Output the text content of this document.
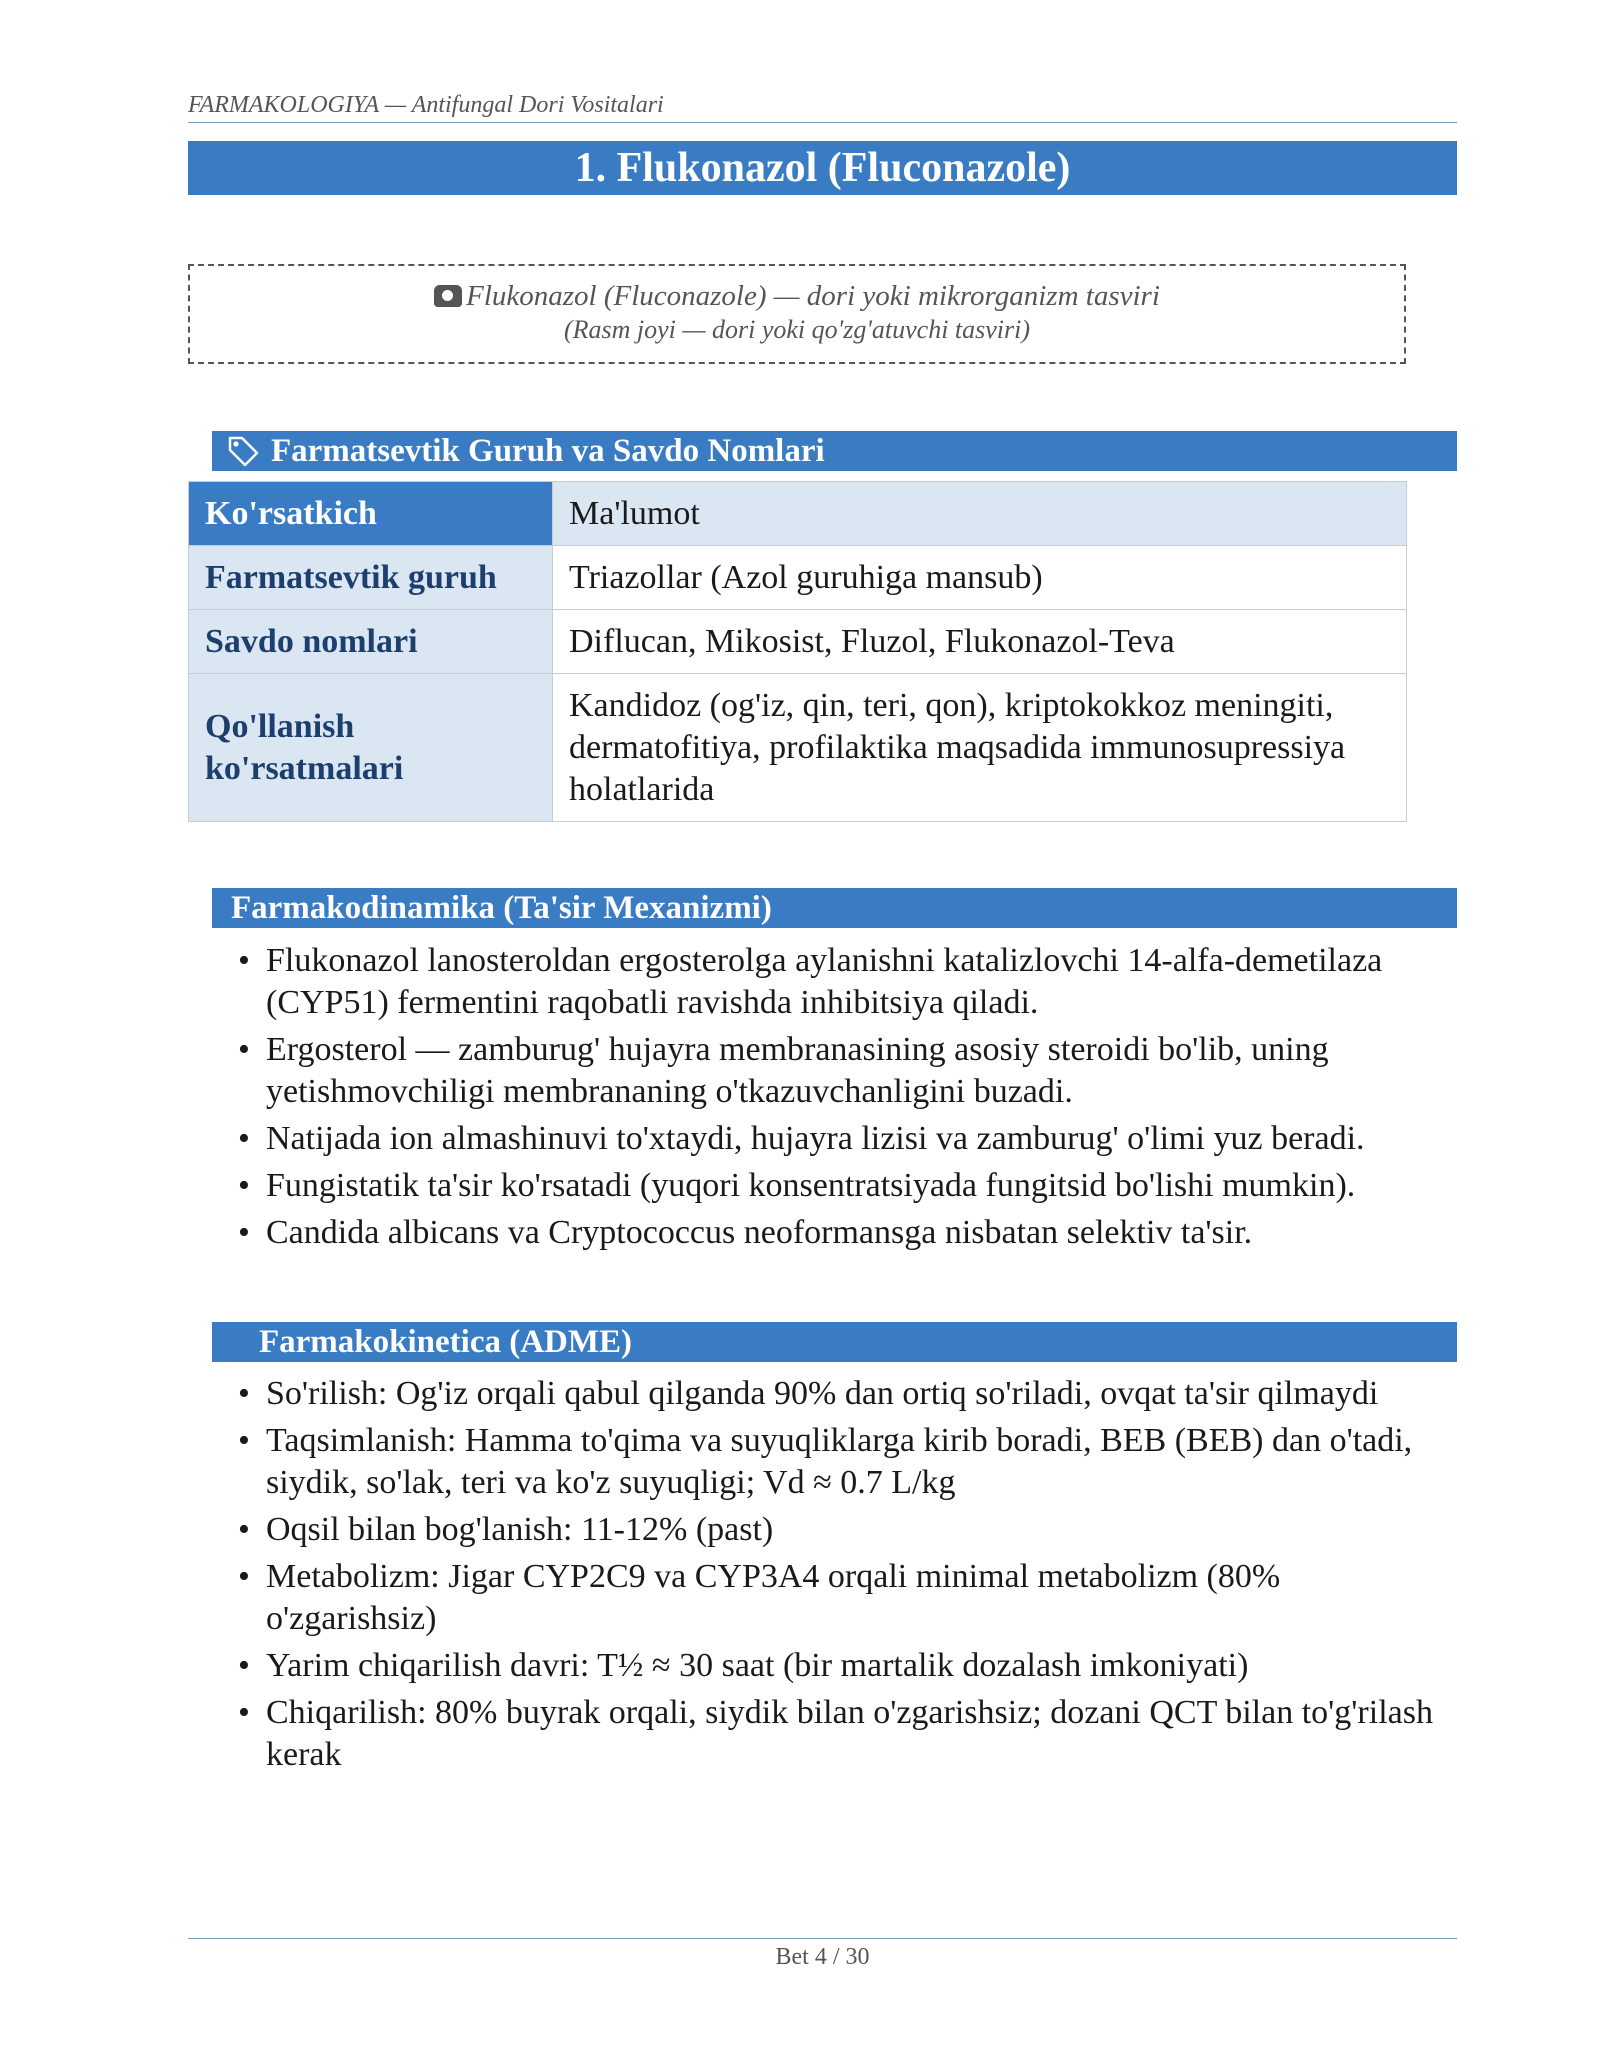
FARMAKOLOGIYA — Antifungal Dori Vositalari
1. Flukonazol (Fluconazole)
Flukonazol (Fluconazole) — dori yoki mikrorganizm tasviri
(Rasm joyi — dori yoki qo'zg'atuvchi tasviri)
Farmatsevtik Guruh va Savdo Nomlari
Ko'rsatkich	Ma'lumot
Farmatsevtik guruh	Triazollar (Azol guruhiga mansub)
Savdo nomlari	Diflucan, Mikosist, Fluzol, Flukonazol-Teva
Qo'llanish ko'rsatmalari	Kandidoz (og'iz, qin, teri, qon), kriptokokkoz meningiti, dermatofitiya, profilaktika maqsadida immunosupressiya holatlarida
Farmakodinamika (Ta'sir Mexanizmi)
• Flukonazol lanosteroldan ergosterolga aylanishni katalizlovchi 14-alfa-demetilaza (CYP51) fermentini raqobatli ravishda inhibitsiya qiladi.
• Ergosterol — zamburug' hujayra membranasining asosiy steroidi bo'lib, uning yetishmovchiligi membrananing o'tkazuvchanligini buzadi.
• Natijada ion almashinuvi to'xtaydi, hujayra lizisi va zamburug' o'limi yuz beradi.
• Fungistatik ta'sir ko'rsatadi (yuqori konsentratsiyada fungitsid bo'lishi mumkin).
• Candida albicans va Cryptococcus neoformansga nisbatan selektiv ta'sir.
Farmakokinetica (ADME)
• So'rilish: Og'iz orqali qabul qilganda 90% dan ortiq so'riladi, ovqat ta'sir qilmaydi
• Taqsimlanish: Hamma to'qima va suyuqliklarga kirib boradi, BEB (BEB) dan o'tadi, siydik, so'lak, teri va ko'z suyuqligi; Vd ≈ 0.7 L/kg
• Oqsil bilan bog'lanish: 11-12% (past)
• Metabolizm: Jigar CYP2C9 va CYP3A4 orqali minimal metabolizm (80% o'zgarishsiz)
• Yarim chiqarilish davri: T½ ≈ 30 saat (bir martalik dozalash imkoniyati)
• Chiqarilish: 80% buyrak orqali, siydik bilan o'zgarishsiz; dozani QCT bilan to'g'rilash kerak
Bet 4 / 30
